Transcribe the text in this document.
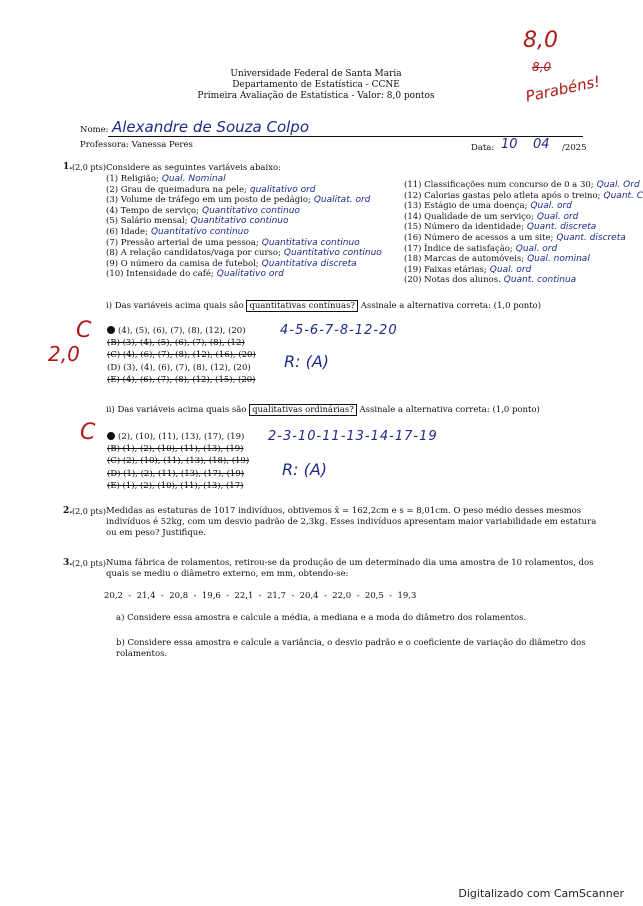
Universidade Federal de Santa Maria
Departamento de Estatística - CCNE
Primeira Avaliação de Estatística - Valor: 8,0 pontos
8,0
8,0
Parabéns!
Nome: Alexandre de Souza Colpo
Professora: Vanessa Peres	Data: 10 04 /2025
1. (2,0 pts) Considere as seguintes variáveis abaixo:
(1) Religião; Qual. Nominal
(2) Grau de queimadura na pele; qualitativo ord
(3) Volume de tráfego em um posto de pedágio; Qualitat. ord
(4) Tempo de serviço; Quantitativo continuo
(5) Salário mensal; Quantitativo continuo
(6) Idade; Quantitativo continuo
(7) Pressão arterial de uma pessoa; Quantitativa continuo
(8) A relação candidatos/vaga por curso; Quantitativo continuo
(9) O número da camisa de futebol; Quantitativa discreta
(10) Intensidade do café; Qualitativo ord
(11) Classificações num concurso de 0 a 30; Qual. Ord
(12) Calorias gastas pelo atleta após o treino; Quant. C
(13) Estágio de uma doença; Qual. ord
(14) Qualidade de um serviço; Qual. ord
(15) Número da identidade; Quant. discreta
(16) Número de acessos a um site; Quant. discreta
(17) Índice de satisfação; Qual. ord
(18) Marcas de automóveis; Qual. nominal
(19) Faixas etárias; Qual. ord
(20) Notas dos alunos. Quant. continua
2,0
i) Das variáveis acima quais são quantitativas contínuas? Assinale a alternativa correta: (1,0 ponto)
C	(4), (5), (6), (7), (8), (12), (20)
(B) (3), (4), (5), (6), (7), (8), (12)
(C) (4), (6), (7), (8), (12), (16), (20)
(D) (3), (4), (6), (7), (8), (12), (20)
(E) (4), (6), (7), (8), (12), (15), (20)
4-5-6-7-8-12-20
R: (A)
ii) Das variáveis acima quais são qualitativas ordinárias? Assinale a alternativa correta: (1,0 ponto)
C	(2), (10), (11), (13), (17), (19)
(B) (1), (2), (10), (11), (13), (19)
(C) (2), (10), (11), (13), (18), (19)
(D) (1), (2), (11), (13), (17), (19)
(E) (1), (2), (10), (11), (13), (17)
2-3-10-11-13-14-17-19
R: (A)
2. (2,0 pts) Medidas as estaturas de 1017 indivíduos, obtivemos x̄ = 162,2cm e s = 8,01cm. O peso médio desses mesmos indivíduos é 52kg, com um desvio padrão de 2,3kg. Esses indivíduos apresentam maior variabilidade em estatura ou em peso? Justifique.
3. (2,0 pts) Numa fábrica de rolamentos, retirou-se da produção de um determinado dia uma amostra de 10 rolamentos, dos quais se mediu o diâmetro externo, em mm, obtendo-se:
20,2  -  21,4  -  20,8  -  19,6  -  22,1  -  21,7  -  20,4  -  22,0  -  20,5  -  19,3
a) Considere essa amostra e calcule a média, a mediana e a moda do diâmetro dos rolamentos.
b) Considere essa amostra e calcule a variância, o desvio padrão e o coeficiente de variação do diâmetro dos rolamentos.
Digitalizado com CamScanner
